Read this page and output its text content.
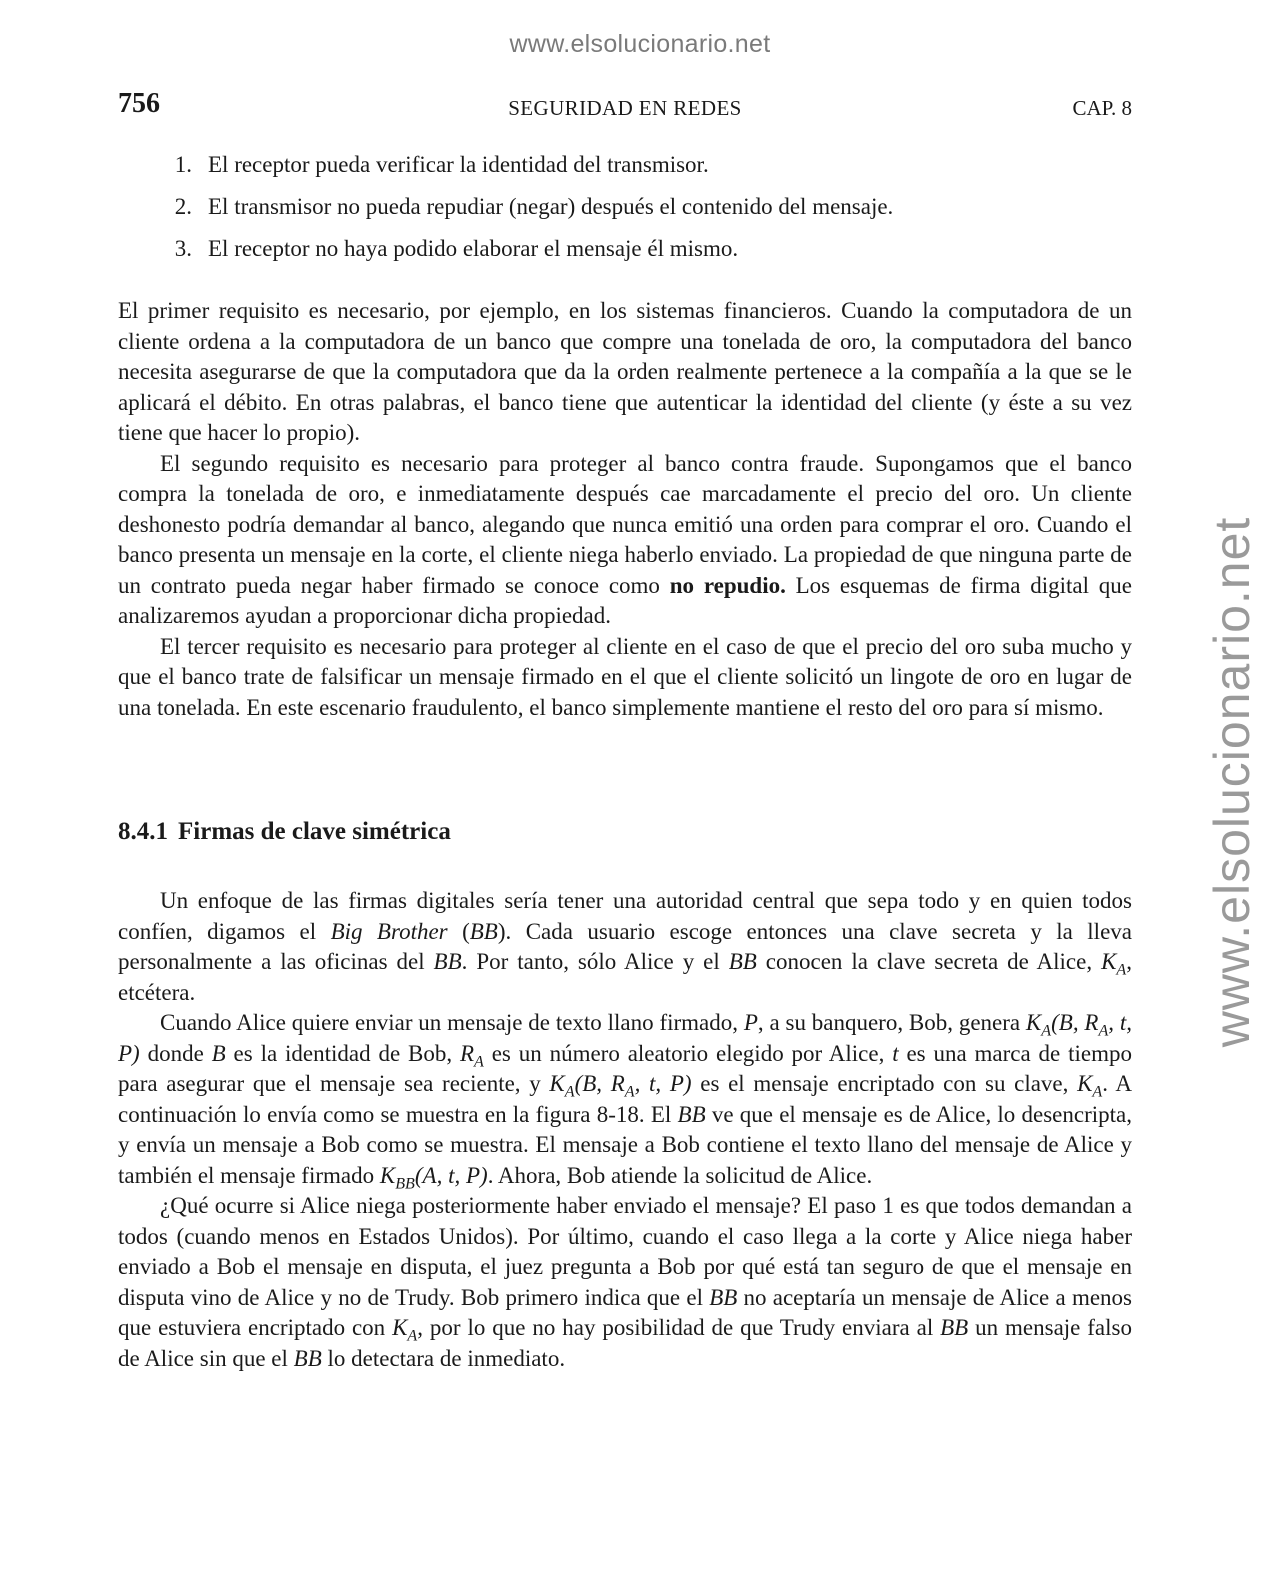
www.elsolucionario.net
www.elsolucionario.net
756	SEGURIDAD EN REDES	CAP. 8
1. El receptor pueda verificar la identidad del transmisor.
2. El transmisor no pueda repudiar (negar) después el contenido del mensaje.
3. El receptor no haya podido elaborar el mensaje él mismo.

El primer requisito es necesario, por ejemplo, en los sistemas financieros. Cuando la computadora de un cliente ordena a la computadora de un banco que compre una tonelada de oro, la computadora del banco necesita asegurarse de que la computadora que da la orden realmente pertenece a la compañía a la que se le aplicará el débito. En otras palabras, el banco tiene que autenticar la identidad del cliente (y éste a su vez tiene que hacer lo propio).

El segundo requisito es necesario para proteger al banco contra fraude. Supongamos que el banco compra la tonelada de oro, e inmediatamente después cae marcadamente el precio del oro. Un cliente deshonesto podría demandar al banco, alegando que nunca emitió una orden para comprar el oro. Cuando el banco presenta un mensaje en la corte, el cliente niega haberlo enviado. La propiedad de que ninguna parte de un contrato pueda negar haber firmado se conoce como no repudio. Los esquemas de firma digital que analizaremos ayudan a proporcionar dicha propiedad.

El tercer requisito es necesario para proteger al cliente en el caso de que el precio del oro suba mucho y que el banco trate de falsificar un mensaje firmado en el que el cliente solicitó un lingote de oro en lugar de una tonelada. En este escenario fraudulento, el banco simplemente mantiene el resto del oro para sí mismo.

8.4.1 Firmas de clave simétrica

Un enfoque de las firmas digitales sería tener una autoridad central que sepa todo y en quien todos confíen, digamos el Big Brother (BB). Cada usuario escoge entonces una clave secreta y la lleva personalmente a las oficinas del BB. Por tanto, sólo Alice y el BB conocen la clave secreta de Alice, $K_A$, etcétera.

Cuando Alice quiere enviar un mensaje de texto llano firmado, P, a su banquero, Bob, genera $K_A(B$, $R_A$, t, P) donde B es la identidad de Bob, $R_A$ es un número aleatorio elegido por Alice, t es una marca de tiempo para asegurar que el mensaje sea reciente, y $K_A(B$, $R_A$, t, P) es el mensaje encriptado con su clave, $K_A$. A continuación lo envía como se muestra en la figura 8-18. El BB ve que el mensaje es de Alice, lo desencripta, y envía un mensaje a Bob como se muestra. El mensaje a Bob contiene el texto llano del mensaje de Alice y también el mensaje firmado $K_{BB}(A$, t, P). Ahora, Bob atiende la solicitud de Alice.

¿Qué ocurre si Alice niega posteriormente haber enviado el mensaje? El paso 1 es que todos demandan a todos (cuando menos en Estados Unidos). Por último, cuando el caso llega a la corte y Alice niega haber enviado a Bob el mensaje en disputa, el juez pregunta a Bob por qué está tan seguro de que el mensaje en disputa vino de Alice y no de Trudy. Bob primero indica que el BB no aceptaría un mensaje de Alice a menos que estuviera encriptado con $K_A$, por lo que no hay posibilidad de que Trudy enviara al BB un mensaje falso de Alice sin que el BB lo detectara de inmediato.
